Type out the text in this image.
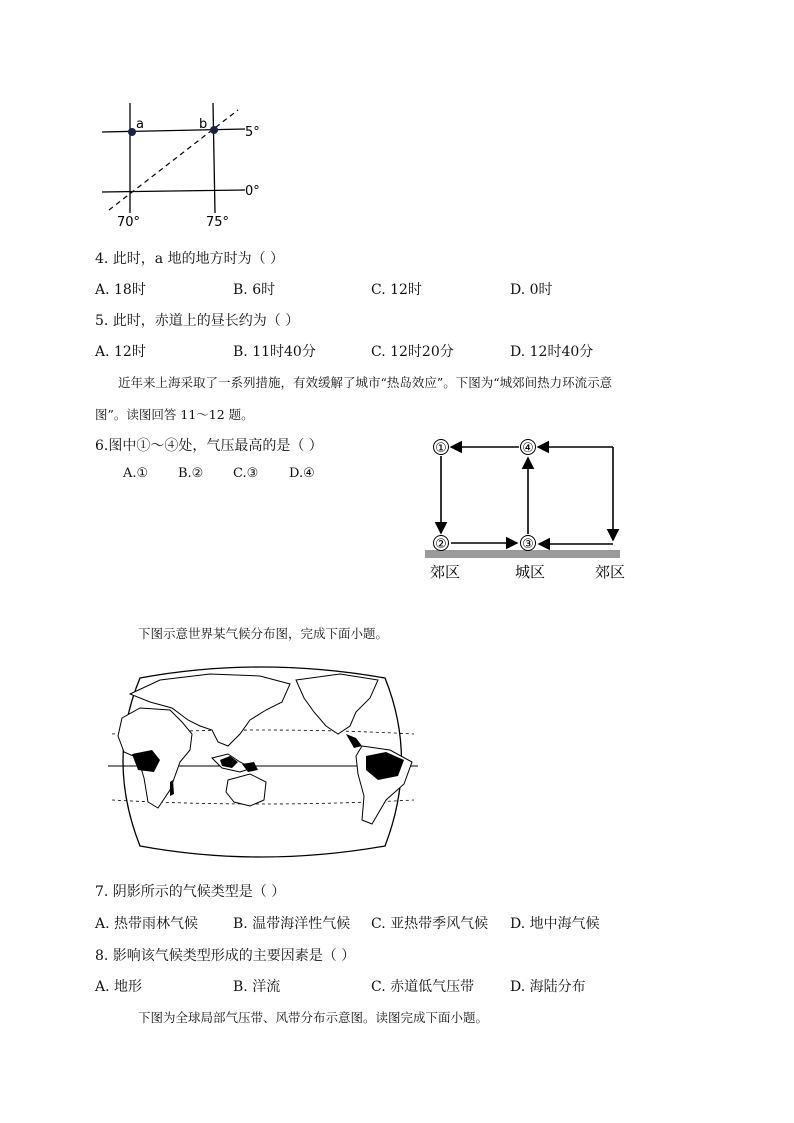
a	b
5°
0°
70°	75°
4. 此时，a 地的地方时为（ ）
A. 18时	B. 6时	C. 12时	D. 0时
5. 此时，赤道上的昼长约为（ ）
A. 12时	B. 11时40分	C. 12时20分	D. 12时40分
近年来上海采取了一系列措施，有效缓解了城市“热岛效应”。下图为“城郊间热力环流示意
图”。读图回答 11～12 题。
6.图中①～④处，气压最高的是（ ）
A.① B.② C.③ D.④
①	④
②	③
郊区	城区	郊区
下图示意世界某气候分布图，完成下面小题。
7. 阴影所示的气候类型是（ ）
A. 热带雨林气候 B. 温带海洋性气候 C. 亚热带季风气候 D. 地中海气候
8. 影响该气候类型形成的主要因素是（ ）
A. 地形	B. 洋流	C. 赤道低气压带	D. 海陆分布
下图为全球局部气压带、风带分布示意图。读图完成下面小题。
